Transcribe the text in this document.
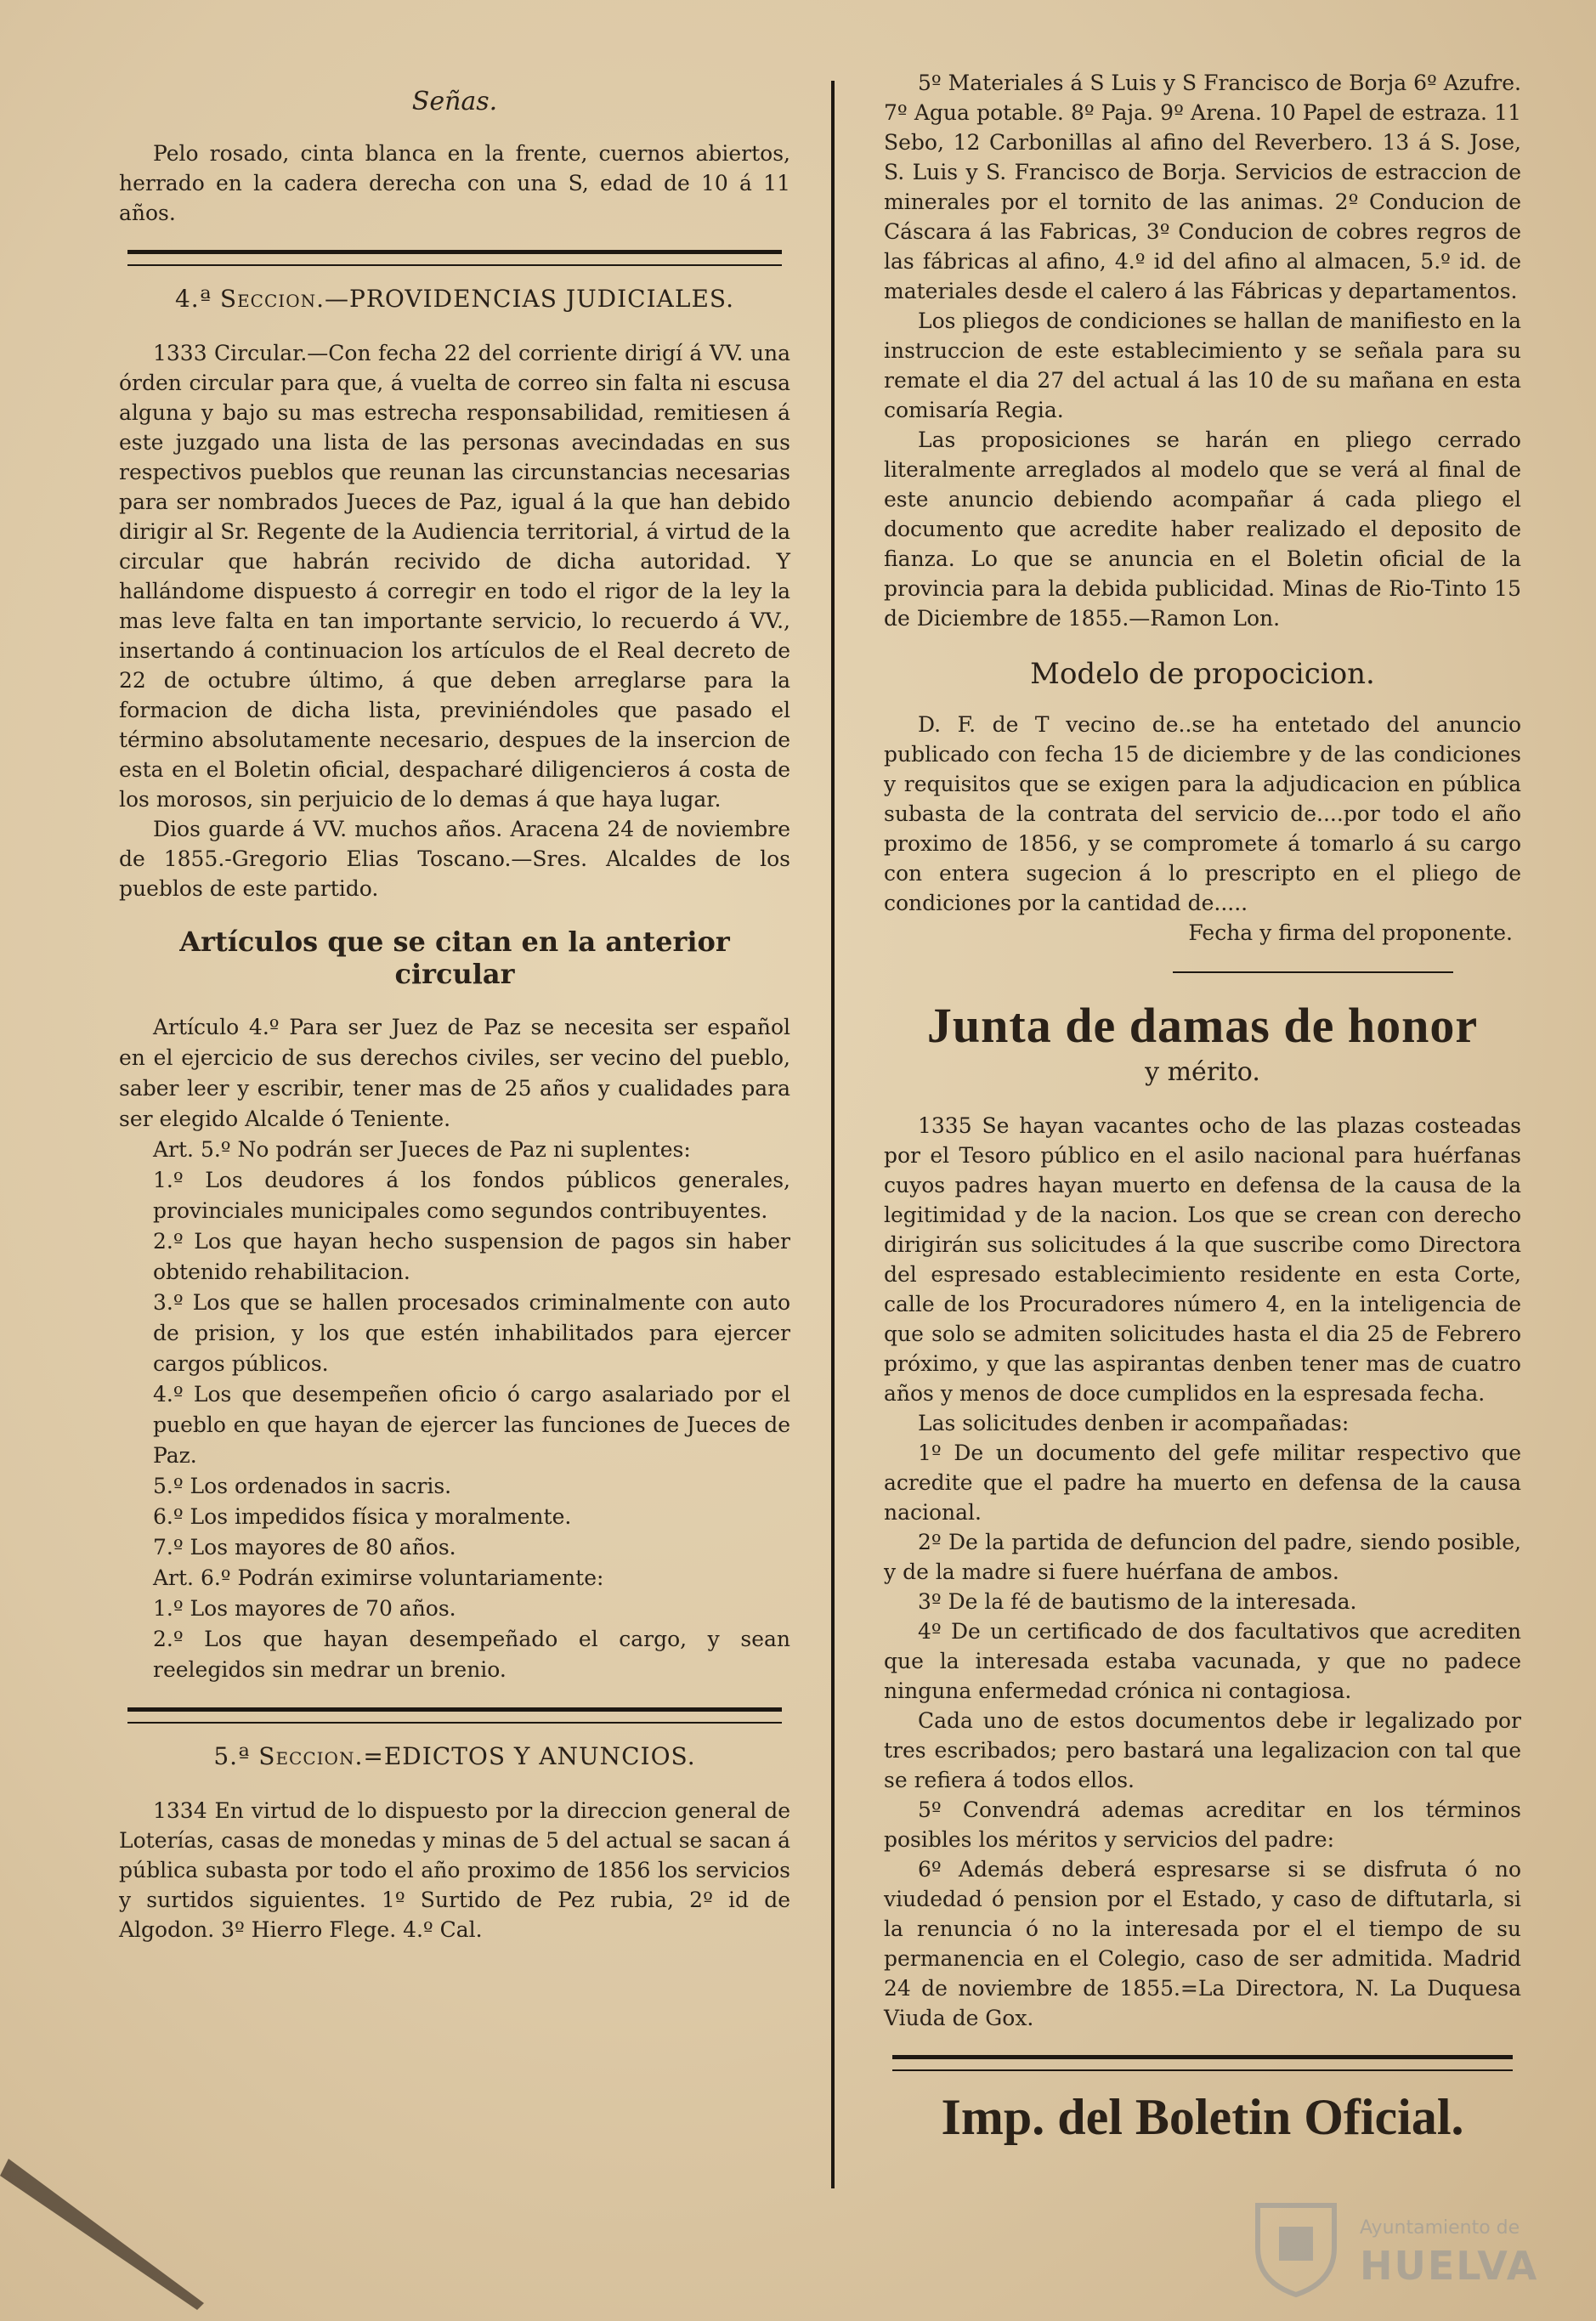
Señas.

Pelo rosado, cinta blanca en la frente, cuernos abiertos, herrado en la cadera derecha con una S, edad de 10 á 11 años.

4.ª Seccion.—PROVIDENCIAS JUDICIALES.

1333 Circular.—Con fecha 22 del corriente dirigí á VV. una órden circular para que, á vuelta de correo sin falta ni escusa alguna y bajo su mas estrecha responsabilidad, remitiesen á este juzgado una lista de las personas avecindadas en sus respectivos pueblos que reunan las circunstancias necesarias para ser nombrados Jueces de Paz, igual á la que han debido dirigir al Sr. Regente de la Audiencia territorial, á virtud de la circular que habrán recivido de dicha autoridad. Y hallándome dispuesto á corregir en todo el rigor de la ley la mas leve falta en tan importante servicio, lo recuerdo á VV., insertando á continuacion los artículos de el Real decreto de 22 de octubre último, á que deben arreglarse para la formacion de dicha lista, previniéndoles que pasado el término absolutamente necesario, despues de la insercion de esta en el Boletin oficial, despacharé diligencieros á costa de los morosos, sin perjuicio de lo demas á que haya lugar.

Dios guarde á VV. muchos años. Aracena 24 de noviembre de 1855.-Gregorio Elias Toscano.—Sres. Alcaldes de los pueblos de este partido.

Artículos que se citan en la anterior circular

Artículo 4.º Para ser Juez de Paz se necesita ser español en el ejercicio de sus derechos civiles, ser vecino del pueblo, saber leer y escribir, tener mas de 25 años y cualidades para ser elegido Alcalde ó Teniente.

Art. 5.º No podrán ser Jueces de Paz ni suplentes:

1.º Los deudores á los fondos públicos generales, provinciales municipales como segundos contribuyentes.

2.º Los que hayan hecho suspension de pagos sin haber obtenido rehabilitacion.

3.º Los que se hallen procesados criminalmente con auto de prision, y los que estén inhabilitados para ejercer cargos públicos.

4.º Los que desempeñen oficio ó cargo asalariado por el pueblo en que hayan de ejercer las funciones de Jueces de Paz.

5.º Los ordenados in sacris.

6.º Los impedidos física y moralmente.

7.º Los mayores de 80 años.

Art. 6.º Podrán eximirse voluntariamente:

1.º Los mayores de 70 años.

2.º Los que hayan desempeñado el cargo, y sean reelegidos sin medrar un brenio.

5.ª Seccion.=EDICTOS Y ANUNCIOS.

1334 En virtud de lo dispuesto por la direccion general de Loterías, casas de monedas y minas de 5 del actual se sacan á pública subasta por todo el año proximo de 1856 los servicios y surtidos siguientes. 1º Surtido de Pez rubia, 2º id de Algodon. 3º Hierro Flege. 4.º Cal.

5º Materiales á S Luis y S Francisco de Borja 6º Azufre. 7º Agua potable. 8º Paja. 9º Arena. 10 Papel de estraza. 11 Sebo, 12 Carbonillas al afino del Reverbero. 13 á S. Jose, S. Luis y S. Francisco de Borja. Servicios de estraccion de minerales por el tornito de las animas. 2º Conducion de Cáscara á las Fabricas, 3º Conducion de cobres regros de las fábricas al afino, 4.º id del afino al almacen, 5.º id. de materiales desde el calero á las Fábricas y departamentos.

Los pliegos de condiciones se hallan de manifiesto en la instruccion de este establecimiento y se señala para su remate el dia 27 del actual á las 10 de su mañana en esta comisaría Regia.

Las proposiciones se harán en pliego cerrado literalmente arreglados al modelo que se verá al final de este anuncio debiendo acompañar á cada pliego el documento que acredite haber realizado el deposito de fianza. Lo que se anuncia en el Boletin oficial de la provincia para la debida publicidad. Minas de Rio-Tinto 15 de Diciembre de 1855.—Ramon Lon.

Modelo de propocicion.

D. F. de T vecino de..se ha entetado del anuncio publicado con fecha 15 de diciembre y de las condiciones y requisitos que se exigen para la adjudicacion en pública subasta de la contrata del servicio de....por todo el año proximo de 1856, y se compromete á tomarlo á su cargo con entera sugecion á lo prescripto en el pliego de condiciones por la cantidad de.....

Fecha y firma del proponente.

Junta de damas de honor

y mérito.

1335 Se hayan vacantes ocho de las plazas costeadas por el Tesoro público en el asilo nacional para huérfanas cuyos padres hayan muerto en defensa de la causa de la legitimidad y de la nacion. Los que se crean con derecho dirigirán sus solicitudes á la que suscribe como Directora del espresado establecimiento residente en esta Corte, calle de los Procuradores número 4, en la inteligencia de que solo se admiten solicitudes hasta el dia 25 de Febrero próximo, y que las aspirantas denben tener mas de cuatro años y menos de doce cumplidos en la espresada fecha.

Las solicitudes denben ir acompañadas:

1º De un documento del gefe militar respectivo que acredite que el padre ha muerto en defensa de la causa nacional.

2º De la partida de defuncion del padre, siendo posible, y de la madre si fuere huérfana de ambos.

3º De la fé de bautismo de la interesada.

4º De un certificado de dos facultativos que acrediten que la interesada estaba vacunada, y que no padece ninguna enfermedad crónica ni contagiosa.

Cada uno de estos documentos debe ir legalizado por tres escribados; pero bastará una legalizacion con tal que se refiera á todos ellos.

5º Convendrá ademas acreditar en los términos posibles los méritos y servicios del padre:

6º Además deberá espresarse si se disfruta ó no viudedad ó pension por el Estado, y caso de diftutarla, si la renuncia ó no la interesada por el el tiempo de su permanencia en el Colegio, caso de ser admitida. Madrid 24 de noviembre de 1855.=La Directora, N. La Duquesa Viuda de Gox.

Imp. del Boletin Oficial.

Ayuntamiento de
HUELVA
